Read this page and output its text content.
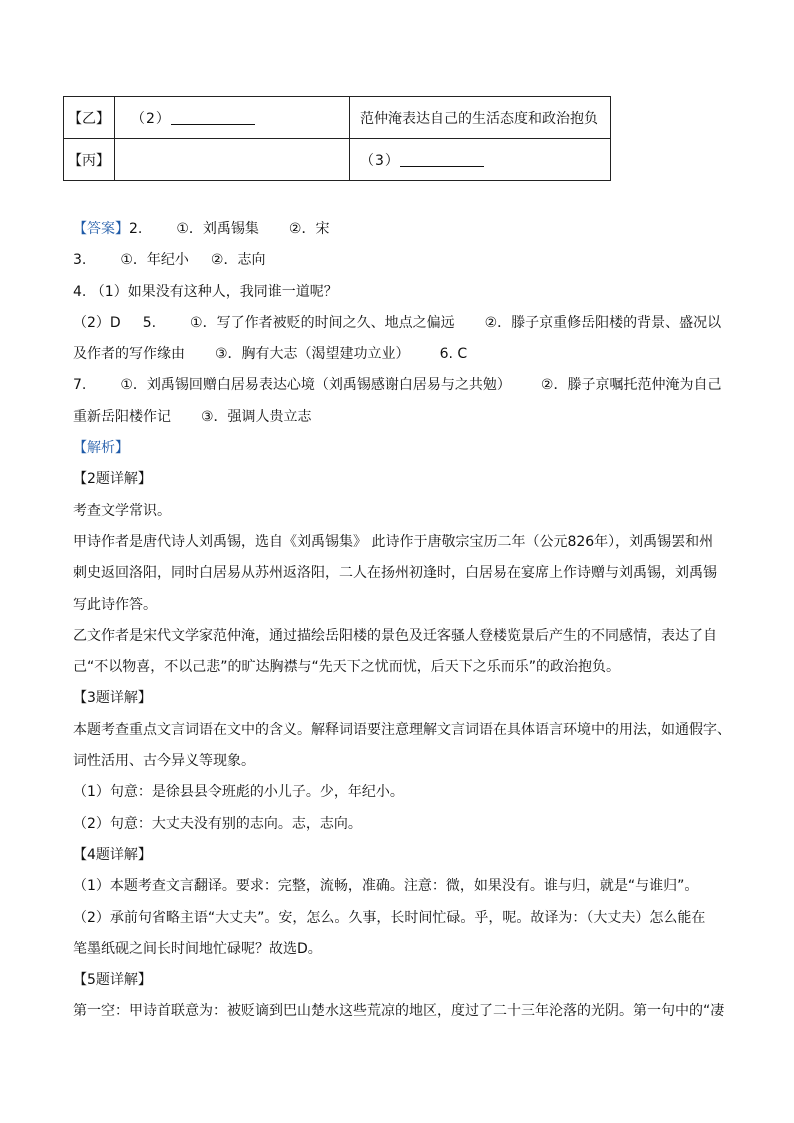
【乙】	（2）	范仲淹表达自己的生活态度和政治抱负
【丙】		（3）
【答案】2. ①．刘禹锡集 ②．宋
3. ①．年纪小 ②．志向
4. （1）如果没有这种人，我同谁一道呢？
（2）D 5. ①．写了作者被贬的时间之久、地点之偏远 ②．滕子京重修岳阳楼的背景、盛况以
及作者的写作缘由 ③．胸有大志（渴望建功立业） 6. C
7. ①．刘禹锡回赠白居易表达心境（刘禹锡感谢白居易与之共勉） ②．滕子京嘱托范仲淹为自己
重新岳阳楼作记 ③．强调人贵立志
【解析】
【2题详解】
考查文学常识。
甲诗作者是唐代诗人刘禹锡，选自《刘禹锡集》 此诗作于唐敬宗宝历二年（公元826年），刘禹锡罢和州
刺史返回洛阳，同时白居易从苏州返洛阳，二人在扬州初逢时，白居易在宴席上作诗赠与刘禹锡，刘禹锡
写此诗作答。
乙文作者是宋代文学家范仲淹，通过描绘岳阳楼的景色及迁客骚人登楼览景后产生的不同感情，表达了自
己“不以物喜，不以己悲”的旷达胸襟与“先天下之忧而忧，后天下之乐而乐”的政治抱负。
【3题详解】
本题考查重点文言词语在文中的含义。解释词语要注意理解文言词语在具体语言环境中的用法，如通假字、
词性活用、古今异义等现象。
（1）句意：是徐县县令班彪的小儿子。少，年纪小。
（2）句意：大丈夫没有别的志向。志，志向。
【4题详解】
（1）本题考查文言翻译。要求：完整，流畅，准确。注意：微，如果没有。谁与归，就是“与谁归”。
（2）承前句省略主语“大丈夫”。安，怎么。久事，长时间忙碌。乎，呢。故译为：（大丈夫）怎么能在
笔墨纸砚之间长时间地忙碌呢？故选D。
【5题详解】
第一空：甲诗首联意为：被贬谪到巴山楚水这些荒凉的地区，度过了二十三年沦落的光阴。第一句中的“凄
